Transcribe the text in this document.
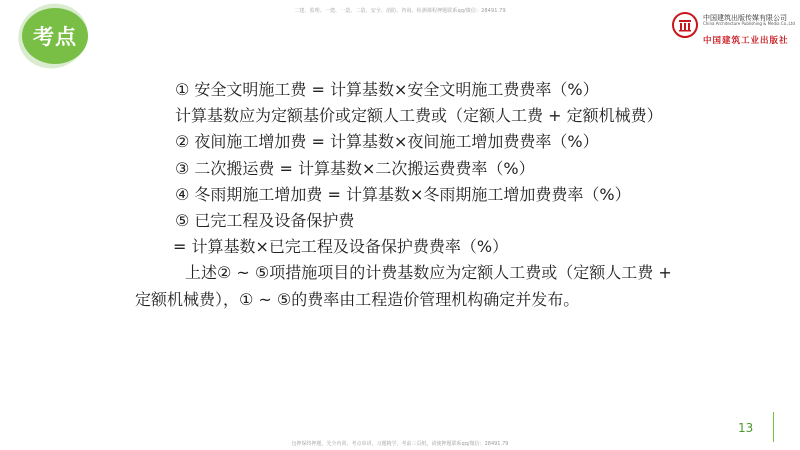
二建、监理、一建、一造、二造、安全、消防、咨询、检测课程押题联系qq/微信：28491.79
考点
中国建筑出版传媒有限公司
China Architecture Publishing & Media Co.,Ltd
中国建筑工业出版社
① 安全文明施工费 = 计算基数×安全文明施工费费率（%）
计算基数应为定额基价或定额人工费或（定额人工费 + 定额机械费）
② 夜间施工增加费 = 计算基数×夜间施工增加费费率（%）
③ 二次搬运费 = 计算基数×二次搬运费费率（%）
④ 冬雨期施工增加费 = 计算基数×冬雨期施工增加费费率（%）
⑤ 已完工程及设备保护费
= 计算基数×已完工程及设备保护费费率（%）
上述② ~ ⑤项措施项目的计费基数应为定额人工费或（定额人工费 +
定额机械费），① ~ ⑤的费率由工程造价管理机构确定并发布。
13
包押保终押题，先全内训，考点串讲，习题精学，考前三页纸，请使押题联系qq/微信：28491.79
